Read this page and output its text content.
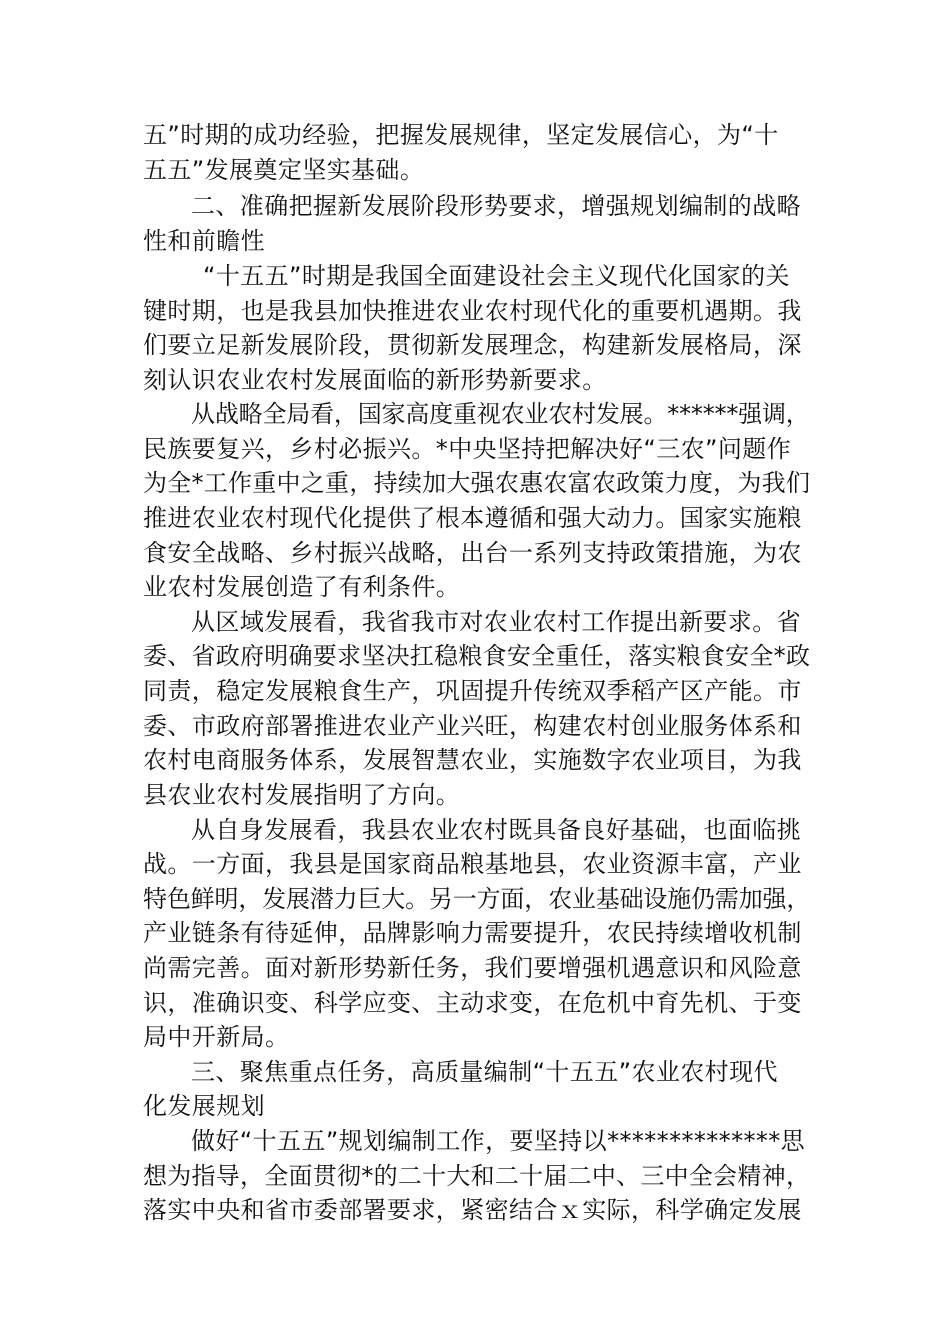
五”时期的成功经验，把握发展规律，坚定发展信心，为“十
五五”发展奠定坚实基础。
二、准确把握新发展阶段形势要求，增强规划编制的战略
性和前瞻性
“十五五”时期是我国全面建设社会主义现代化国家的关
键时期，也是我县加快推进农业农村现代化的重要机遇期。我
们要立足新发展阶段，贯彻新发展理念，构建新发展格局，深
刻认识农业农村发展面临的新形势新要求。
从战略全局看，国家高度重视农业农村发展。******强调，
民族要复兴，乡村必振兴。*中央坚持把解决好“三农”问题作
为全*工作重中之重，持续加大强农惠农富农政策力度，为我们
推进农业农村现代化提供了根本遵循和强大动力。国家实施粮
食安全战略、乡村振兴战略，出台一系列支持政策措施，为农
业农村发展创造了有利条件。
从区域发展看，我省我市对农业农村工作提出新要求。省
委、省政府明确要求坚决扛稳粮食安全重任，落实粮食安全*政
同责，稳定发展粮食生产，巩固提升传统双季稻产区产能。市
委、市政府部署推进农业产业兴旺，构建农村创业服务体系和
农村电商服务体系，发展智慧农业，实施数字农业项目，为我
县农业农村发展指明了方向。
从自身发展看，我县农业农村既具备良好基础，也面临挑
战。一方面，我县是国家商品粮基地县，农业资源丰富，产业
特色鲜明，发展潜力巨大。另一方面，农业基础设施仍需加强，
产业链条有待延伸，品牌影响力需要提升，农民持续增收机制
尚需完善。面对新形势新任务，我们要增强机遇意识和风险意
识，准确识变、科学应变、主动求变，在危机中育先机、于变
局中开新局。
三、聚焦重点任务，高质量编制“十五五”农业农村现代
化发展规划
做好“十五五”规划编制工作，要坚持以**************思
想为指导，全面贯彻*的二十大和二十届二中、三中全会精神，
落实中央和省市委部署要求，紧密结合ｘ实际，科学确定发展
